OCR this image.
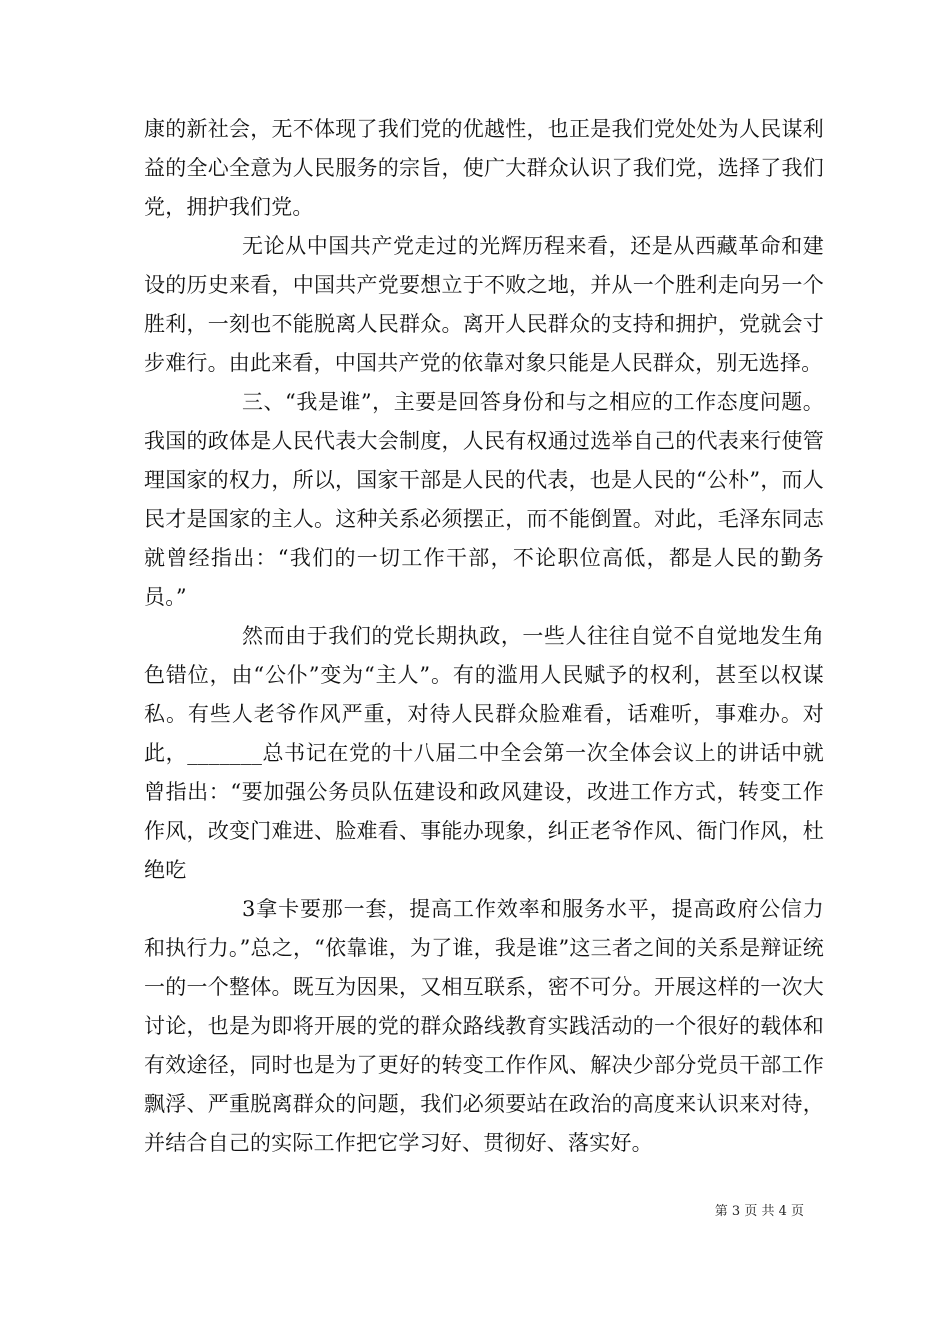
康的新社会，无不体现了我们党的优越性，也正是我们党处处为人民谋利益的全心全意为人民服务的宗旨，使广大群众认识了我们党，选择了我们党，拥护我们党。

无论从中国共产党走过的光辉历程来看，还是从西藏革命和建设的历史来看，中国共产党要想立于不败之地，并从一个胜利走向另一个胜利，一刻也不能脱离人民群众。离开人民群众的支持和拥护，党就会寸步难行。由此来看，中国共产党的依靠对象只能是人民群众，别无选择。

三、“我是谁”，主要是回答身份和与之相应的工作态度问题。我国的政体是人民代表大会制度，人民有权通过选举自己的代表来行使管理国家的权力，所以，国家干部是人民的代表，也是人民的“公朴”，而人民才是国家的主人。这种关系必须摆正，而不能倒置。对此，毛泽东同志就曾经指出：“我们的一切工作干部，不论职位高低，都是人民的勤务员。”

然而由于我们的党长期执政，一些人往往自觉不自觉地发生角色错位，由“公仆”变为“主人”。有的滥用人民赋予的权利，甚至以权谋私。有些人老爷作风严重，对待人民群众脸难看，话难听，事难办。对此，_______总书记在党的十八届二中全会第一次全体会议上的讲话中就曾指出：“要加强公务员队伍建设和政风建设，改进工作方式，转变工作作风，改变门难进、脸难看、事能办现象，纠正老爷作风、衙门作风，杜绝吃

3拿卡要那一套，提高工作效率和服务水平，提高政府公信力和执行力。”总之，“依靠谁，为了谁，我是谁”这三者之间的关系是辩证统一的一个整体。既互为因果，又相互联系，密不可分。开展这样的一次大讨论，也是为即将开展的党的群众路线教育实践活动的一个很好的载体和有效途径，同时也是为了更好的转变工作作风、解决少部分党员干部工作飘浮、严重脱离群众的问题，我们必须要站在政治的高度来认识来对待，并结合自己的实际工作把它学习好、贯彻好、落实好。

第 3 页 共 4 页
